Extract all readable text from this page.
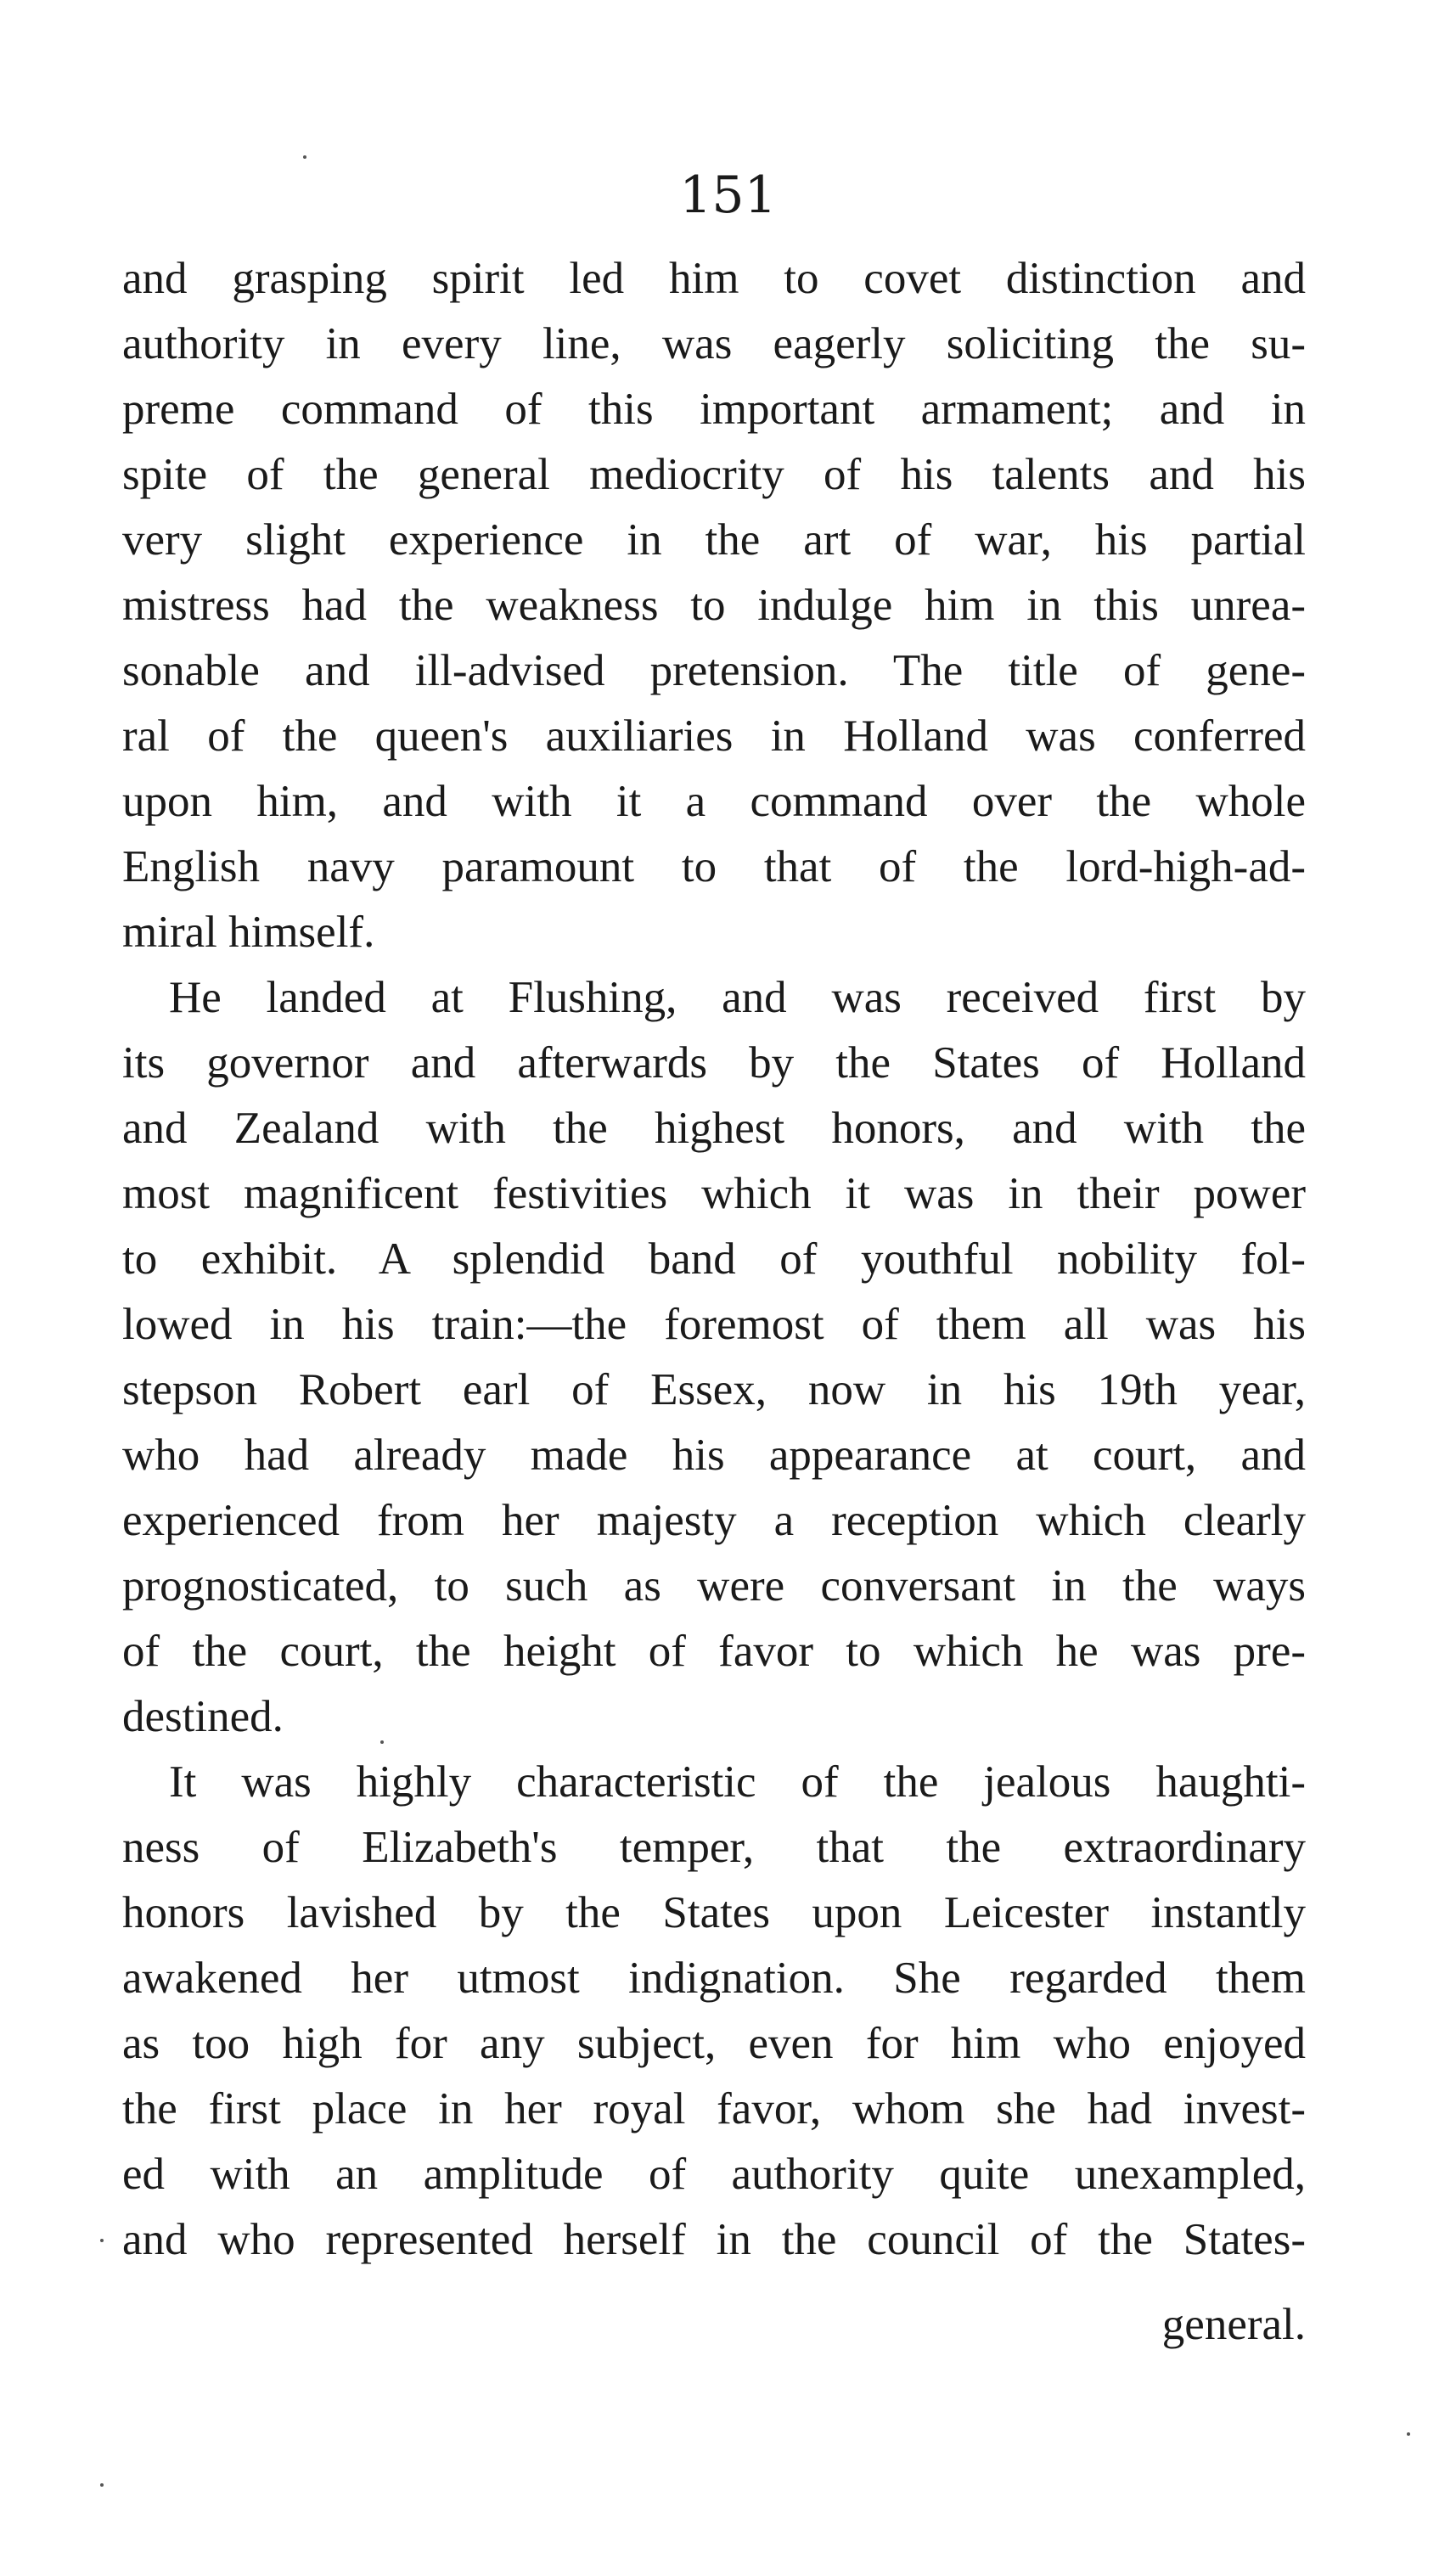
151
and grasping spirit led him to covet distinction and
authority in every line, was eagerly soliciting the su-
preme command of this important armament; and in
spite of the general mediocrity of his talents and his
very slight experience in the art of war, his partial
mistress had the weakness to indulge him in this unrea-
sonable and ill-advised pretension. The title of gene-
ral of the queen's auxiliaries in Holland was conferred
upon him, and with it a command over the whole
English navy paramount to that of the lord-high-ad-
miral himself.
He landed at Flushing, and was received first by
its governor and afterwards by the States of Holland
and Zealand with the highest honors, and with the
most magnificent festivities which it was in their power
to exhibit. A splendid band of youthful nobility fol-
lowed in his train:—the foremost of them all was his
stepson Robert earl of Essex, now in his 19th year,
who had already made his appearance at court, and
experienced from her majesty a reception which clearly
prognosticated, to such as were conversant in the ways
of the court, the height of favor to which he was pre-
destined.
It was highly characteristic of the jealous haughti-
ness of Elizabeth's temper, that the extraordinary
honors lavished by the States upon Leicester instantly
awakened her utmost indignation. She regarded them
as too high for any subject, even for him who enjoyed
the first place in her royal favor, whom she had invest-
ed with an amplitude of authority quite unexampled,
and who represented herself in the council of the States-
general.
